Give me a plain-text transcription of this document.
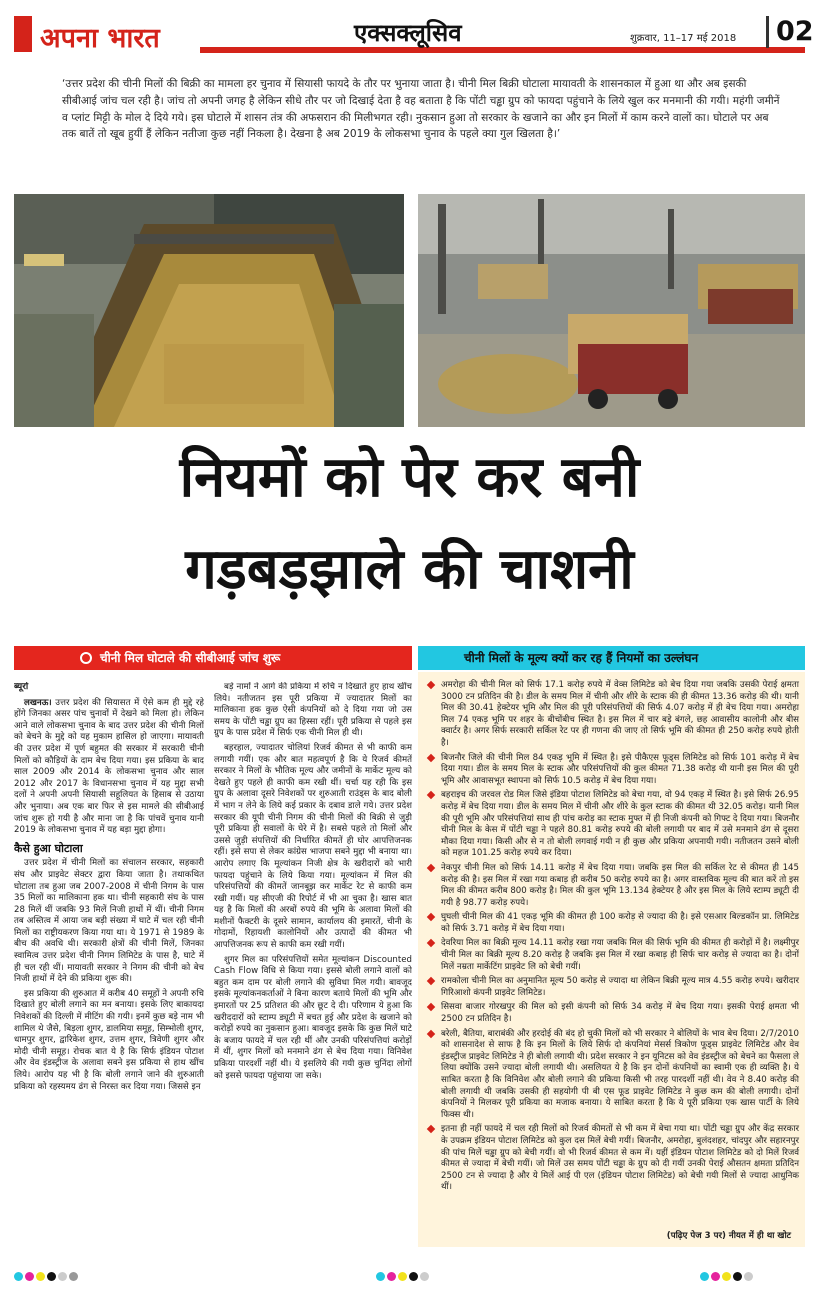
अपना भारत	एक्सक्लूसिव	शुक्रवार, 11–17 मई 2018 02

‘उत्तर प्रदेश की चीनी मिलों की बिक्री का मामला हर चुनाव में सियासी फायदे के तौर पर भुनाया जाता है। चीनी मिल बिक्री घोटाला मायावती के शासनकाल में हुआ था और अब इसकी सीबीआई जांच चल रही है। जांच तो अपनी जगह है लेकिन सीधे तौर पर जो दिखाई देता है वह बताता है कि पोंटी चड्ढा ग्रुप को फायदा पहुंचाने के लिये खुल कर मनमानी की गयी। महंगी जमीनें व प्लांट मिट्टी के मोल दे दिये गये। इस घोटाले में शासन तंत्र की अफसरान की मिलीभगत रही। नुकसान हुआ तो सरकार के खजाने का और इन मिलों में काम करने वालों का। घोटाले पर अब तक बातें तो खूब हुयीं हैं लेकिन नतीजा कुछ नहीं निकला है। देखना है अब 2019 के लोकसभा चुनाव के पहले क्या गुल खिलता है।’

नियमों को पेर कर बनी
गड़बड़झाले की चाशनी
चीनी मिल घोटाले की सीबीआई जांच शुरू	चीनी मिलों के मूल्य क्यों कर रह हैं नियमों का उल्लंघन
ब्यूरो

लखनऊ। उत्तर प्रदेश की सियासत में ऐसे कम ही मुद्दे रहे होंगे जिनका असर पांच चुनावों में देखने को मिला हो। लेकिन आने वाले लोकसभा चुनाव के बाद उत्तर प्रदेश की चीनी मिलों को बेचने के मुद्दे को यह मुकाम हासिल हो जाएगा। मायावती की उत्तर प्रदेश में पूर्ण बहुमत की सरकार में सरकारी चीनी मिलों को कौड़ियों के दाम बेच दिया गया। इस प्रकिया के बाद साल 2009 और 2014 के लोकसभा चुनाव और साल 2012 और 2017 के विधानसभा चुनाव में यह मुद्दा सभी दलों ने अपनी अपनी सियासी सहूलियत के हिसाब से उठाया और भुनाया। अब एक बार फिर से इस मामले की सीबीआई जांच शुरू हो गयी है और माना जा है कि पांचवें चुनाव यानी 2019 के लोकसभा चुनाव में यह बड़ा मुद्दा होगा।

कैसे हुआ घोटाला

उत्तर प्रदेश में चीनी मिलों का संचालन सरकार, सहकारी संघ और प्राइवेट सेक्टर द्वारा किया जाता है। तथाकथित घोटाला तब हुआ जब 2007-2008 में चीनी निगम के पास 35 मिलों का मालिकाना हक था। चीनी सहकारी संघ के पास 28 मिलें थीं जबकि 93 मिलें निजी हाथों में थीं। चीनी निगम तब अस्तित्व में आया जब बड़ी संख्या में घाटे में चल रही चीनी मिलों का राष्ट्रीयकरण किया गया था। ये 1971 से 1989 के बीच की अवधि थी। सरकारी क्षेत्रों की चीनी मिलें, जिनका स्वामित्व उत्तर प्रदेश चीनी निगम लिमिटेड के पास है, घाटे में ही चल रही थीं। मायावती सरकार ने निगम की चीनी को बेच निजी हाथों में देने की प्रकिया शुरू की।

इस प्रकिया की शुरुआत में करीब 40 समूहों ने अपनी रुचि दिखाते हुए बोली लगाने का मन बनाया। इसके लिए बाकायदा निवेशकों की दिल्ली में मीटिंग की गयी। इनमें कुछ बड़े नाम भी शामिल थे जैसे, बिड़ला शुगर, डालमिया समूह, सिम्भोली शुगर, धामपुर शुगर, द्वारिकेश शुगर, उत्तम शुगर, त्रिवेणी शुगर और मोदी चीनी समूह। रोचक बात ये है कि सिर्फ इंडियन पोटाश और वेव इंडस्ट्रीज के अलावा सबने इस प्रकिया से हाथ खींच लिये। आरोप यह भी है कि बोली लगाने जाने की शुरुआती प्रकिया को रहस्यमय ढंग से निरस्त कर दिया गया। जिससे इन

बड़े नामों ने आगे की प्रकिया में रुचि न दिखाते हुए हाथ खींच लिये। नतीजतन इस पूरी प्रकिया में ज्यादातर मिलों का मालिकाना हक कुछ ऐसी कंपनियों को दे दिया गया जो उस समय के पोंटी चड्ढा ग्रुप का हिस्सा रहीं। पूरी प्रकिया से पहले इस ग्रुप के पास प्रदेश में सिर्फ एक चीनी मिल ही थी।

बहरहाल, ज्यादातर चोलियां रिजर्व कीमत से भी काफी कम लगायी गयीं। एक और बात महत्वपूर्ण है कि ये रिजर्व कीमतें सरकार ने मिलों के भौतिक मूल्य और जमीनों के मार्केट मूल्य को देखते हुए पहले ही काफी कम रखी थीं। चर्चा यह रही कि इस ग्रुप के अलावा दूसरे निवेशकों पर शुरुआती राउंड्स के बाद बोली में भाग न लेने के लिये कई प्रकार के दबाव डाले गये। उत्तर प्रदेश सरकार की यूपी चीनी निगम की चीनी मिलों की बिक्री से जुड़ी पूरी प्रकिया ही सवालों के घेरे में है। सबसे पहले तो मिलों और उससे जुड़ी संपत्तियों की निर्धारित कीमतें ही घोर आपत्तिजनक रहीं। इसे सपा से लेकर कांग्रेस भाजपा सबने मुद्दा भी बनाया था। आरोप लगाए कि मूल्यांकन निजी क्षेत्र के खरीदारों को भारी फायदा पहुंचाने के लिये किया गया। मूल्यांकन में मिल की परिसंपत्तियों की कीमतें जानबूझ कर मार्केट रेट से काफी कम रखी गयीं। यह सीएजी की रिपोर्ट में भी आ चुका है। खास बात यह है कि मिलों की अरबों रुपये की भूमि के अलावा मिलों की मशीनों फैक्टरी के दूसरे सामान, कार्यालय की इमारतें, चीनी के गोदामों, रिहायशी कालोनियों और उत्पादों की कीमत भी आपत्तिजनक रूप से काफी कम रखी गयीं।

शुगर मिल का परिसंपत्तियों समेत मूल्यांकन Discounted Cash Flow विधि से किया गया। इससे बोली लगाने वालों को बहुत कम दाम पर बोली लगाने की सुविधा मिल गयी। बावजूद इसके मूल्यांकनकर्ताओं ने बिना कारण बताये मिलों की भूमि और इमारतों पर 25 प्रतिशत की और छूट दे दी। परिणाम ये हुआ कि खरीददारों को स्टाम्प ड्यूटी में बचत हुई और प्रदेश के खजाने को करोड़ों रुपये का नुकसान हुआ। बावजूद इसके कि कुछ मिलें घाटे के बजाय फायदे में चल रही थीं और उनकी परिसंपत्तियां करोड़ों में थीं, शुगर मिलों को मनमाने ढंग से बेच दिया गया। विनिवेश प्रकिया पारदर्शी नहीं थी। ये इसलिये की गयी कुछ चुनिंदा लोगों को इससे फायदा पहुंचाया जा सके।

अमरोहा की चीनी मिल को सिर्फ 17.1 करोड़ रुपये में वेव्स लिमिटेड को बेच दिया गया जबकि उसकी पेराई क्षमता 3000 टन प्रतिदिन की है। डील के समय मिल में चीनी और शीरे के स्टाक की ही कीमत 13.36 करोड़ की थी। यानी मिल की 30.41 हेक्टेयर भूमि और मिल की पूरी परिसंपत्तियों की सिर्फ 4.07 करोड़ में ही बेच दिया गया। अमरोहा मिल 74 एकड़ भूमि पर शहर के बीचोंबीच स्थित है। इस मिल में चार बड़े बंगले, छह आवासीय कालोनी और बीस क्वार्टर है। अगर सिर्फ सरकारी सर्किल रेट पर ही गणना की जाए तो सिर्फ भूमि की कीमत ही 250 करोड़ रुपये होती है।
बिजनौर जिले की चीनी मिल 84 एकड़ भूमि में स्थित है। इसे पीकैएस फूड्स लिमिटेड को सिर्फ 101 करोड़ में बेच दिया गया। डील के समय मिल के स्टाक और परिसंपत्तियों की कुल कीमत 71.38 करोड़ थी यानी इस मिल की पूरी भूमि और आवासभूत स्थापना को सिर्फ 10.5 करोड़ में बेच दिया गया।
बहराइच की जरवल रोड मिल जिसे इंडिया पोटाश लिमिटेड को बेचा गया, वो 94 एकड़ में स्थित है। इसे सिर्फ 26.95 करोड़ में बेच दिया गया। डील के समय मिल में चीनी और शीरे के कुल स्टाक की कीमत थी 32.05 करोड़। यानी मिल की पूरी भूमि और परिसंपत्तियां साथ ही पांच करोड़ का स्टाक मुफ्त में ही निजी कंपनी को गिफ्ट दे दिया गया। बिजनौर चीनी मिल के केस में पोंटी चड्ढा ने पहले 80.81 करोड़ रुपये की बोली लगायी पर बाद में उसे मनमाने ढंग से दूसरा मौका दिया गया। किसी और से न तो बोली लगवाई गयी न ही कुछ और प्रकिया अपनायी गयी। नतीजतन उसने बोली को महज 101.25 करोड़ रुपये कर दिया।
नेकपुर चीनी मिल को सिर्फ 14.11 करोड़ में बेच दिया गया। जबकि इस मिल की सर्किल रेट से कीमत ही 145 करोड़ की है। इस मिल में रखा गया कबाड़ ही करीब 50 करोड़ रुपये का है। अगर वास्तविक मूल्य की बात करें तो इस मिल की कीमत करीब 800 करोड़ है। मिल की कुल भूमि 13.134 हेक्टेयर है और इस मिल के लिये स्टाम्प ड्यूटी दी गयी है 98.77 करोड़ रुपये।
घुघली चीनी मिल की 41 एकड़ भूमि की कीमत ही 100 करोड़ से ज्यादा की है। इसे एसआर बिल्डकॉन प्रा. लिमिटेड को सिर्फ 3.71 करोड़ में बेच दिया गया।
देवरिया मिल का बिक्री मूल्य 14.11 करोड़ रखा गया जबकि मिल की सिर्फ भूमि की कीमत ही करोड़ों में है। लक्ष्मीपुर चीनी मिल का बिक्री मूल्य 8.20 करोड़ है जबकि इस मिल में रखा कबाड़ ही सिर्फ चार करोड़ से ज्यादा का है। दोनों मिलें नम्रता मार्केटिंग प्राइवेट लि को बेची गयीं।
रामकोला चीनी मिल का अनुमानित मूल्य 50 करोड़ से ज्यादा था लेकिन बिक्री मूल्य मात्र 4.55 करोड़ रुपये। खरीदार गिरिआशो कंपनी प्राइवेट लिमिटेड।
सिसवा बाजार गोरखपुर की मिल को इसी कंपनी को सिर्फ 34 करोड़ में बेच दिया गया। इसकी पेराई क्षमता भी 2500 टन प्रतिदिन है।
बरेली, बैतिया, बाराबंकी और हरदोई की बंद हो चुकी मिलों को भी सरकार ने बोलियों के भाव बेच दिया। 2/7/2010 को शासनादेश से साफ है कि इन मिलों के लिये सिर्फ दो कंपनियां मेसर्स त्रिकोण फूड्स प्राइवेट लिमिटेड और वेव इंडस्ट्रीज प्राइवेट लिमिटेड ने ही बोली लगायी थी। प्रदेश सरकार ने इन यूनिटस को वेव इंडस्ट्रीज को बेचने का फैसला ले लिया क्योंकि उसने ज्यादा बोली लगायी थी। असलियत ये है कि इन दोनों कंपनियों का स्वामी एक ही व्यक्ति है। ये साबित करता है कि विनिवेश और बोली लगाने की प्रकिया किसी भी तरह पारदर्शी नहीं थी। वेव ने 8.40 करोड़ की बोली लगायी थी जबकि उसकी ही सहयोगी पी बी एस फूड प्राइवेट लिमिटेड ने कुछ कम की बोली लगायी। दोनों कंपनियों ने मिलकर पूरी प्रकिया का मजाक बनाया। ये साबित करता है कि ये पूरी प्रकिया एक खास पार्टी के लिये फिक्स थी।
इतना ही नहीं फायदे में चल रही मिलों को रिजर्व कीमतों से भी कम में बेचा गया था। पोंटी चड्ढा ग्रुप और केंद्र सरकार के उपक्रम इंडियन पोटाश लिमिटेड को कुल दस मिलें बेची गयीं। बिजनौर, अमरोहा, बुलंदशहर, चांदपुर और सहारनपुर की पांच मिलें चड्ढा ग्रुप को बेची गयीं। वो भी रिजर्व कीमत से कम में। यहीं इंडियन पोटाश लिमिटेड को दो मिलें रिजर्व कीमत से ज्यादा में बेची गयीं। जो मिलें उस समय पोंटी चड्ढा के ग्रुप को दी गयीं उनकी पेराई औसतन क्षमता प्रतिदिन 2500 टन से ज्यादा है और ये मिलें आई पी एल (इंडियन पोटाश लिमिटेड) को बेची गयी मिलों से ज्यादा आधुनिक थीं।
(पढ़िए पेज 3 पर) नीयत में ही था खोट
